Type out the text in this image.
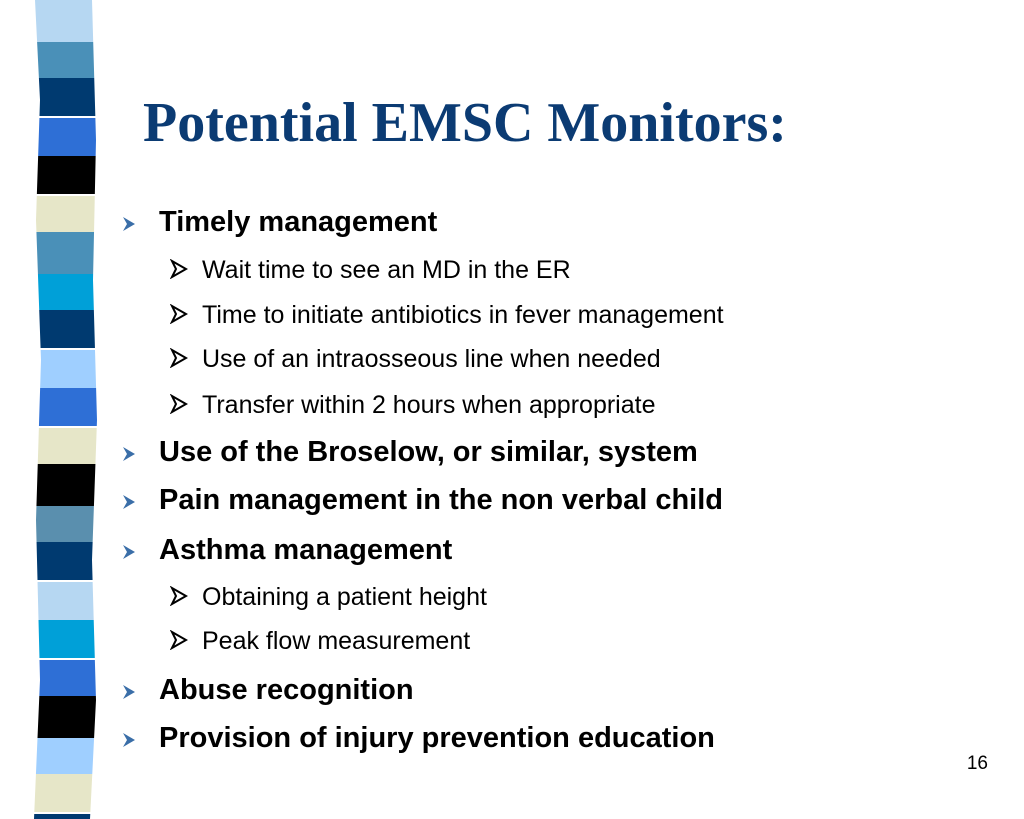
Potential EMSC Monitors:
Timely management
Wait time to see an MD in the ER
Time to initiate antibiotics in fever management
Use of an intraosseous line when needed
Transfer within 2 hours when appropriate
Use of the Broselow, or similar, system
Pain management in the non verbal child
Asthma management
Obtaining a patient height
Peak flow measurement
Abuse recognition
Provision of injury prevention education
16
